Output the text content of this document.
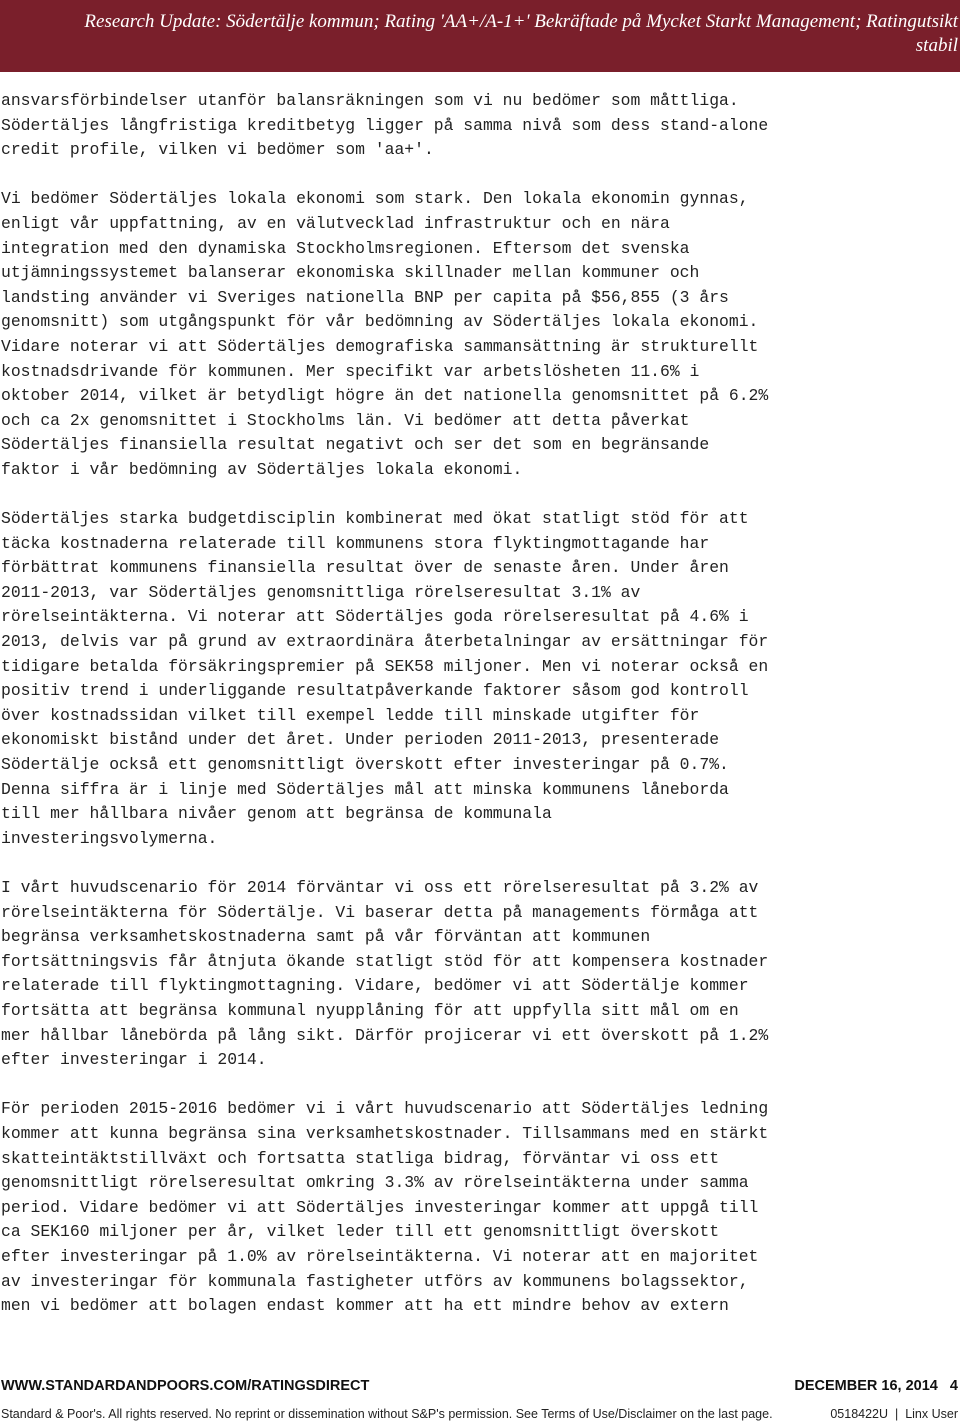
Research Update: Södertälje kommun; Rating 'AA+/A-1+' Bekräftade på Mycket Starkt Management; Ratingutsikt
stabil

ansvarsförbindelser utanför balansräkningen som vi nu bedömer som måttliga.
Södertäljes långfristiga kreditbetyg ligger på samma nivå som dess stand-alone
credit profile, vilken vi bedömer som 'aa+'.

Vi bedömer Södertäljes lokala ekonomi som stark. Den lokala ekonomin gynnas,
enligt vår uppfattning, av en välutvecklad infrastruktur och en nära
integration med den dynamiska Stockholmsregionen. Eftersom det svenska
utjämningssystemet balanserar ekonomiska skillnader mellan kommuner och
landsting använder vi Sveriges nationella BNP per capita på $56,855 (3 års
genomsnitt) som utgångspunkt för vår bedömning av Södertäljes lokala ekonomi.
Vidare noterar vi att Södertäljes demografiska sammansättning är strukturellt
kostnadsdrivande för kommunen. Mer specifikt var arbetslösheten 11.6% i
oktober 2014, vilket är betydligt högre än det nationella genomsnittet på 6.2%
och ca 2x genomsnittet i Stockholms län. Vi bedömer att detta påverkat
Södertäljes finansiella resultat negativt och ser det som en begränsande
faktor i vår bedömning av Södertäljes lokala ekonomi.

Södertäljes starka budgetdisciplin kombinerat med ökat statligt stöd för att
täcka kostnaderna relaterade till kommunens stora flyktingmottagande har
förbättrat kommunens finansiella resultat över de senaste åren. Under åren
2011-2013, var Södertäljes genomsnittliga rörelseresultat 3.1% av
rörelseintäkterna. Vi noterar att Södertäljes goda rörelseresultat på 4.6% i
2013, delvis var på grund av extraordinära återbetalningar av ersättningar för
tidigare betalda försäkringspremier på SEK58 miljoner. Men vi noterar också en
positiv trend i underliggande resultatpåverkande faktorer såsom god kontroll
över kostnadssidan vilket till exempel ledde till minskade utgifter för
ekonomiskt bistånd under det året. Under perioden 2011-2013, presenterade
Södertälje också ett genomsnittligt överskott efter investeringar på 0.7%.
Denna siffra är i linje med Södertäljes mål att minska kommunens låneborda
till mer hållbara nivåer genom att begränsa de kommunala
investeringsvolymerna.

I vårt huvudscenario för 2014 förväntar vi oss ett rörelseresultat på 3.2% av
rörelseintäkterna för Södertälje. Vi baserar detta på managements förmåga att
begränsa verksamhetskostnaderna samt på vår förväntan att kommunen
fortsättningsvis får åtnjuta ökande statligt stöd för att kompensera kostnader
relaterade till flyktingmottagning. Vidare, bedömer vi att Södertälje kommer
fortsätta att begränsa kommunal nyupplåning för att uppfylla sitt mål om en
mer hållbar lånebörda på lång sikt. Därför projicerar vi ett överskott på 1.2%
efter investeringar i 2014.

För perioden 2015-2016 bedömer vi i vårt huvudscenario att Södertäljes ledning
kommer att kunna begränsa sina verksamhetskostnader. Tillsammans med en stärkt
skatteintäktstillväxt och fortsatta statliga bidrag, förväntar vi oss ett
genomsnittligt rörelseresultat omkring 3.3% av rörelseintäkterna under samma
period. Vidare bedömer vi att Södertäljes investeringar kommer att uppgå till
ca SEK160 miljoner per år, vilket leder till ett genomsnittligt överskott
efter investeringar på 1.0% av rörelseintäkterna. Vi noterar att en majoritet
av investeringar för kommunala fastigheter utförs av kommunens bolagssektor,
men vi bedömer att bolagen endast kommer att ha ett mindre behov av extern

WWW.STANDARDANDPOORS.COM/RATINGSDIRECT	DECEMBER 16, 2014 4
Standard & Poor's. All rights reserved. No reprint or dissemination without S&P's permission. See Terms of Use/Disclaimer on the last page.	0518422U | Linx User
